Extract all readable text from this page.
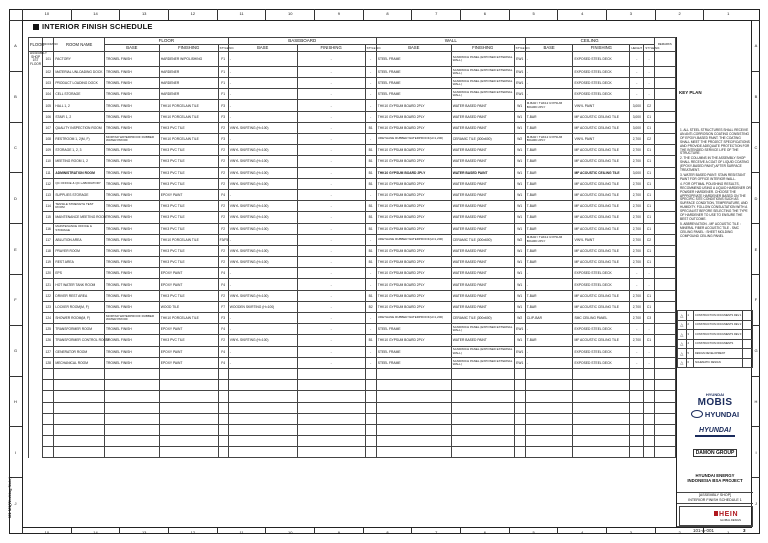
10	14	13	12	11	10	9	8	7	6	5	4	3	2	1
10	14	13	12	11	10	9	8	7	6	5	4	3	2	1
A
B
C
D
E
F
G
H
I
J
A
B
C
D
E
F
G
H
I
J
M1 M1(Working Note)
INTERIOR FINISH SCHEDULE
FLOOR	ROOM NO	ROOM NAME	FLOOR			BASEBOARD			WALL			CEILING				REMARKS
			BASE	FINISHING	STYLE NO.	BASE	FINISHING	STYLE NO.	BASE	FINISHING	STYLE NO.	BASE	FINISHING	HEIGHT	STYLE NO.	
ASSEMBLY SHOP 1ST FLOOR	101	FACTORY	TROWEL FINISH	HARDENER W/POLISHING	F1	-	-	-	STEEL FRAME	SANDWICH PANEL (EXPOSED EXTERNAL WALL)	EW1	-	EXPOSED STEEL DECK	-	-	
	102	MATERIAL UNLOADING DOCK	TROWEL FINISH	HARDENER	F1	-	-	-	STEEL FRAME	SANDWICH PANEL (EXPOSED EXTERNAL WALL)	EW1	-	EXPOSED STEEL DECK	-	-	
	103	PRODUCT LOADING DOCK	TROWEL FINISH	HARDENER	F1	-	-	-	STEEL FRAME	SANDWICH PANEL (EXPOSED EXTERNAL WALL)	EW1	-	EXPOSED STEEL DECK	-	-	
	104	CELL STORAGE	TROWEL FINISH	HARDENER	F1	-	-	-	STEEL FRAME	SANDWICH PANEL (EXPOSED EXTERNAL WALL)	EW1	-	EXPOSED STEEL DECK	-	-	
	105	HALL 1, 2	TROWEL FINISH	THK10 PORCELAIN TILE	F3	-	-	-	THK10 GYPSUM BOARD 2PLY	WATER BASED PAINT	W1	M-BAR / THK12 GYPSUM BOARD 2PLY	VINYL PAINT	3,000	C2	
	106	STAIR 1, 2	TROWEL FINISH	THK10 PORCELAIN TILE	F3	-	-	-	THK10 GYPSUM BOARD 2PLY	WATER BASED PAINT	W1	T-BAR	MF ACOUSTIC CEILING TILE	3,000	C1	
	107	QUALITY INSPECTION ROOM	TROWEL FINISH	THK3 PVC TILE	F2	VINYL SKIRTING (H=100)	-	B1	THK10 GYPSUM BOARD 2PLY	WATER BASED PAINT	W1	T-BAR	MF ACOUSTIC CEILING TILE	3,000	C1	
	108	RESTROOM 1, 2(M, F)	MORTAR WATERPROOF RUBBER WATER PROOF	THK10 PORCELAIN TILE	F3	-	-	-	URETHANE RUBBER WATERPROOF(H=1,200)	CERAMIC TILE (300x600)	W2	M-BAR / THK12 GYPSUM BOARD 2PLY	VINYL PAINT	2,700	C2	
	109	STORAGE 1, 2, 3	TROWEL FINISH	THK3 PVC TILE	F2	VINYL SKIRTING (H=100)	-	B1	THK10 GYPSUM BOARD 2PLY	WATER BASED PAINT	W1	T-BAR	MF ACOUSTIC CEILING TILE	2,700	C1	
	110	MEETING ROOM 1, 2	TROWEL FINISH	THK3 PVC TILE	F2	VINYL SKIRTING (H=100)	-	B1	THK10 GYPSUM BOARD 2PLY	WATER BASED PAINT	W1	T-BAR	MF ACOUSTIC CEILING TILE	2,700	C1	
	111	ADMINISTRATION ROOM	TROWEL FINISH	THK3 PVC TILE	F2	VINYL SKIRTING (H=100)	-	B1	THK10 GYPSUM BOARD 2PLY	WATER BASED PAINT	W1	T-BAR	MF ACOUSTIC CEILING TILE	3,000	C1	
	112	QC OFFICE & QC LABORATORY	TROWEL FINISH	THK3 PVC TILE	F2	VINYL SKIRTING (H=100)	-	B1	THK10 GYPSUM BOARD 2PLY	WATER BASED PAINT	W1	T-BAR	MF ACOUSTIC CEILING TILE	2,700	C1	
	113	SUPPLIES STORAGE	TROWEL FINISH	EPOXY PAINT	F4	-	-	-	THK10 GYPSUM BOARD 2PLY	WATER BASED PAINT	W1	T-BAR	MF ACOUSTIC CEILING TILE	2,700	C1	
	114	TENSILE STRENGTH TEST ROOM	TROWEL FINISH	THK3 PVC TILE	F2	VINYL SKIRTING (H=100)	-	B1	THK10 GYPSUM BOARD 2PLY	WATER BASED PAINT	W1	T-BAR	MF ACOUSTIC CEILING TILE	2,700	C1	
	115	MAINTENANCE MEETING ROOM	TROWEL FINISH	THK3 PVC TILE	F2	VINYL SKIRTING (H=100)	-	B1	THK10 GYPSUM BOARD 2PLY	WATER BASED PAINT	W1	T-BAR	MF ACOUSTIC CEILING TILE	2,700	C1	
	116	MAINTENANCE OFFICE & STORAGE	TROWEL FINISH	THK3 PVC TILE	F2	VINYL SKIRTING (H=100)	-	B1	THK10 GYPSUM BOARD 2PLY	WATER BASED PAINT	W1	T-BAR	MF ACOUSTIC CEILING TILE	2,700	C1	
	117	ABLUTION AREA	TROWEL FINISH	THK10 PORCELAIN TILE	F3/F5	-	-	-	URETHANE RUBBER WATERPROOF(H=1,200)	CERAMIC TILE (300x600)	W2	M-BAR / THK12 GYPSUM BOARD 2PLY	VINYL PAINT	2,700	C2	
	118	PRAYER ROOM	TROWEL FINISH	THK3 PVC TILE	F2	VINYL SKIRTING (H=100)	-	B1	THK10 GYPSUM BOARD 2PLY	WATER BASED PAINT	W1	T-BAR	MF ACOUSTIC CEILING TILE	2,700	C1	
	119	REST AREA	TROWEL FINISH	THK3 PVC TILE	F2	VINYL SKIRTING (H=100)	-	B1	THK10 GYPSUM BOARD 2PLY	WATER BASED PAINT	W1	T-BAR	MF ACOUSTIC CEILING TILE	2,700	C1	
	120	EPS	TROWEL FINISH	EPOXY PAINT	F4	-	-	-	THK10 GYPSUM BOARD 2PLY	WATER BASED PAINT	W1	-	EXPOSED STEEL DECK	-	-	
	121	HOT WATER TANK ROOM	TROWEL FINISH	EPOXY PAINT	F4	-	-	-	THK10 GYPSUM BOARD 2PLY	WATER BASED PAINT	W1	-	EXPOSED STEEL DECK	-	-	
	122	DRIVER REST AREA	TROWEL FINISH	THK3 PVC TILE	F2	VINYL SKIRTING (H=100)	-	B1	THK10 GYPSUM BOARD 2PLY	WATER BASED PAINT	W1	T-BAR	MF ACOUSTIC CEILING TILE	2,700	C1	
	123	LOCKER ROOM(M, F)	TROWEL FINISH	WOOD TILE	F7	WOODEN SKIRTING (H=100)	-	B2	THK10 GYPSUM BOARD 2PLY	WATER BASED PAINT	W1	T-BAR	MF ACOUSTIC CEILING TILE	2,700	C1	
	124	SHOWER ROOM(M, F)	MORTAR WATERPROOF RUBBER WATER PROOF	THK10 PORCELAIN TILE	F3	-	-	-	URETHANE RUBBER WATERPROOF(H=1,200)	CERAMIC TILE (300x600)	W2	CLIP-BAR	SMC CEILING PANEL	2,700	C3	
	125	TRANSFORMER ROOM	TROWEL FINISH	EPOXY PAINT	F4	-	-	-	STEEL FRAME	SANDWICH PANEL (EXPOSED EXTERNAL WALL)	EW1	-	EXPOSED STEEL DECK	-	-	
	126	TRANSFORMER CONTROL ROOM	TROWEL FINISH	THK3 PVC TILE	F2	VINYL SKIRTING (H=100)	-	B1	THK10 GYPSUM BOARD 2PLY	WATER BASED PAINT	W1	T-BAR	MF ACOUSTIC CEILING TILE	2,700	C1	
	127	GENERATOR ROOM	TROWEL FINISH	EPOXY PAINT	F4	-	-	-	STEEL FRAME	SANDWICH PANEL (EXPOSED EXTERNAL WALL)	EW1	-	EXPOSED STEEL DECK	-	-	
	128	MECHANICAL ROOM	TROWEL FINISH	EPOXY PAINT	F4	-	-	-	STEEL FRAME	SANDWICH PANEL (EXPOSED EXTERNAL WALL)	EW1	-	EXPOSED STEEL DECK	-	-	

KEY PLAN

1. ALL STEEL STRUCTURES SHALL RECEIVE AN ANTI-CORROSION COATING CONSISTING OF EPOXY-BASED PAINT. THE COATING SHALL MEET THE PROJECT SPECIFICATIONS AND PROVIDE ADEQUATE PROTECTION FOR THE INTENDED SERVICE LIFE OF THE STRUCTURE.

2. THE COLUMNS IN THE ASSEMBLY SHOP SHALL RECEIVE A COAT OF LIQUID COATING (EPOXY-BASED PAINT) AFTER SURFACE TREATMENT.

3. WATER BASED PAINT: STAIN RESISTANT PAINT FOR OFFICE INTERIOR WALL.

4. FOR OPTIMAL POLISHING RESULTS, RECOMMEND USING A LIQUID HARDENER OR POWDER HARDENER. CHOOSE THE APPROPRIATE HARDENER BASED ON THE SPECIFIC SITE CONDITIONS SUCH AS SURFACE CONDITION, TEMPERATURE, AND HUMIDITY. FOLLOW CONSULTATION WITH A SPECIALIST BEFORE SELECTING THE TYPE OF HARDENER TO USE TO ENSURE THE BEST OUTCOME.

5. ABBREVIATION - MF ACOUSTIC TILE : MINERAL FIBER ACOUSTIC TILE - SMC CEILING PANEL : SHEET MOLDING COMPOUND CEILING PANEL

△	1	CONSTRUCTION DOCUMENTS REV.1	
△	2	CONSTRUCTION DOCUMENTS REV.2	
△	3	CONSTRUCTION DOCUMENTS REV.3	
△	4	CONSTRUCTION DOCUMENTS	
△	5	DESIGN DEVELOPMENT	
△	6	SCHEMATIC DESIGN	
HYUNDAI
MOBIS
HYUNDAI
HYUNDAI
DAMON GROUP
HYUNDAI ENERGY
INDONESIA BSA PROJECT
[ASSEMBLY SHOP]
INTERIOR FINISH SCHEDULE 1
HEIN
GLOBAL DESIGN
101-A-001	3
